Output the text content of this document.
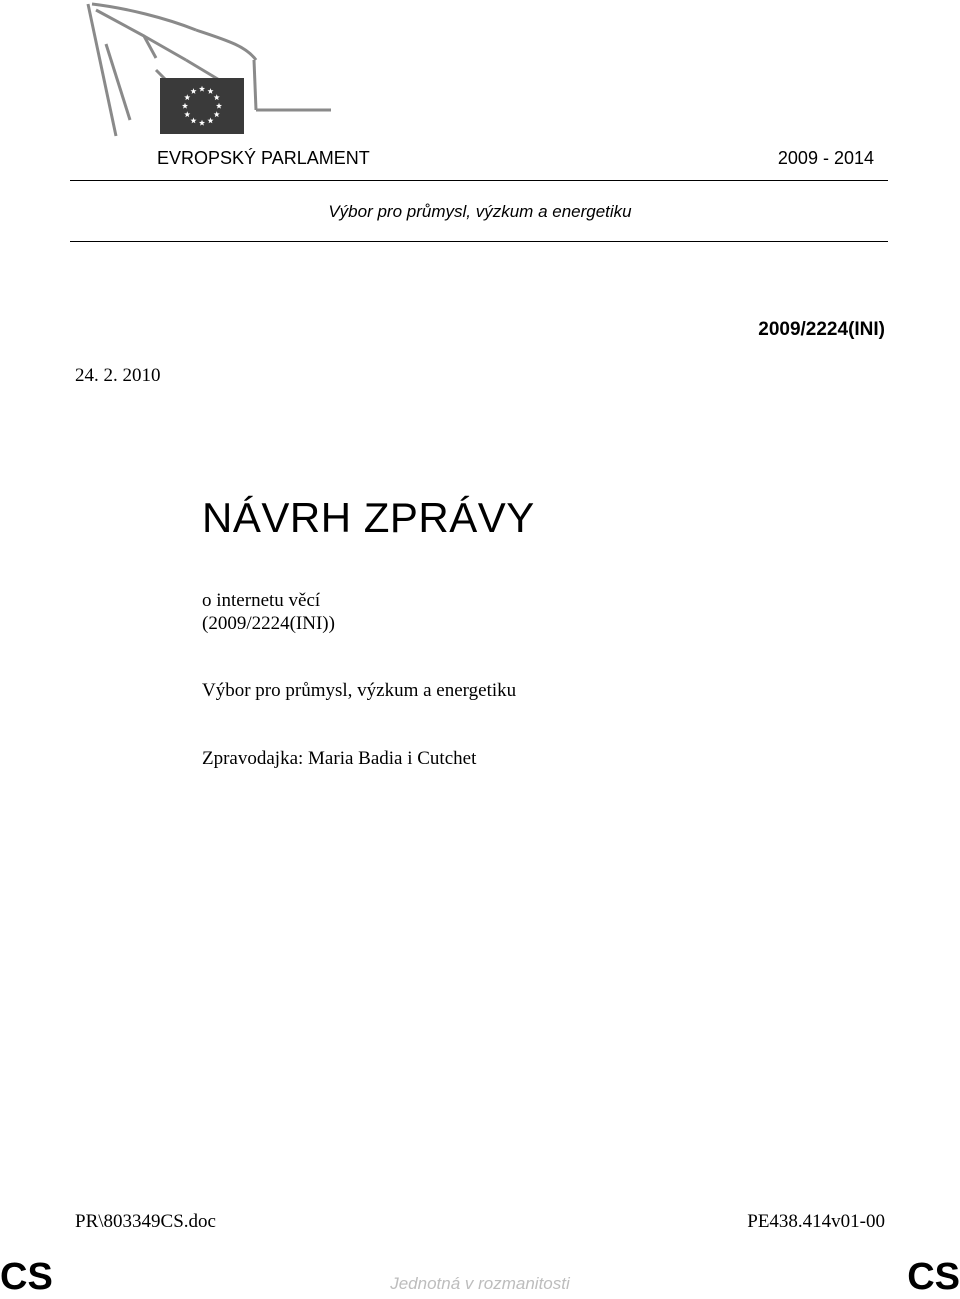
EVROPSKÝ PARLAMENT	2009 - 2014
Výbor pro průmysl, výzkum a energetiku
2009/2224(INI)
24. 2. 2010
NÁVRH ZPRÁVY
o internetu věcí
(2009/2224(INI))
Výbor pro průmysl, výzkum a energetiku
Zpravodajka: Maria Badia i Cutchet
PR\803349CS.doc	PE438.414v01-00
CS	CS
Jednotná v rozmanitosti
